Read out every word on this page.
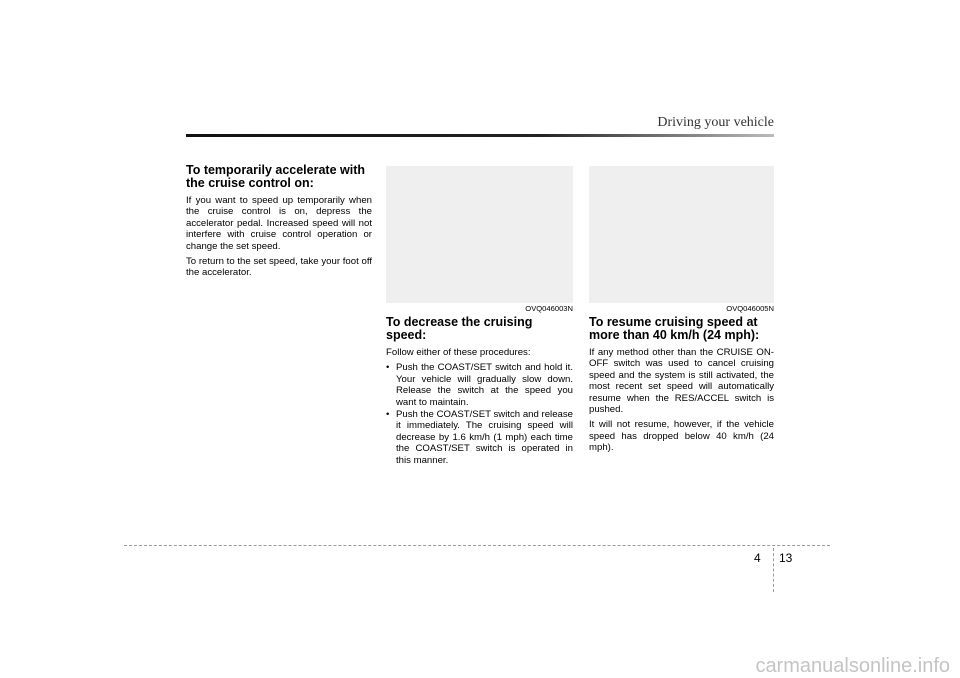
Driving your vehicle
To temporarily accelerate with the cruise control on:

If you want to speed up temporarily when the cruise control is on, depress the accelerator pedal. Increased speed will not interfere with cruise control operation or change the set speed.

To return to the set speed, take your foot off the accelerator.

OVQ046003N	OVQ046005N
To decrease the cruising speed:

Follow either of these procedures:

• Push the COAST/SET switch and hold it. Your vehicle will gradually slow down. Release the switch at the speed you want to maintain.
• Push the COAST/SET switch and release it immediately. The cruising speed will decrease by 1.6 km/h (1 mph) each time the COAST/SET switch is operated in this manner.
To resume cruising speed at more than 40 km/h (24 mph):

If any method other than the CRUISE ON-OFF switch was used to cancel cruising speed and the system is still activated, the most recent set speed will automatically resume when the RES/ACCEL switch is pushed.

It will not resume, however, if the vehicle speed has dropped below 40 km/h (24 mph).

4 13
carmanualsonline.info
